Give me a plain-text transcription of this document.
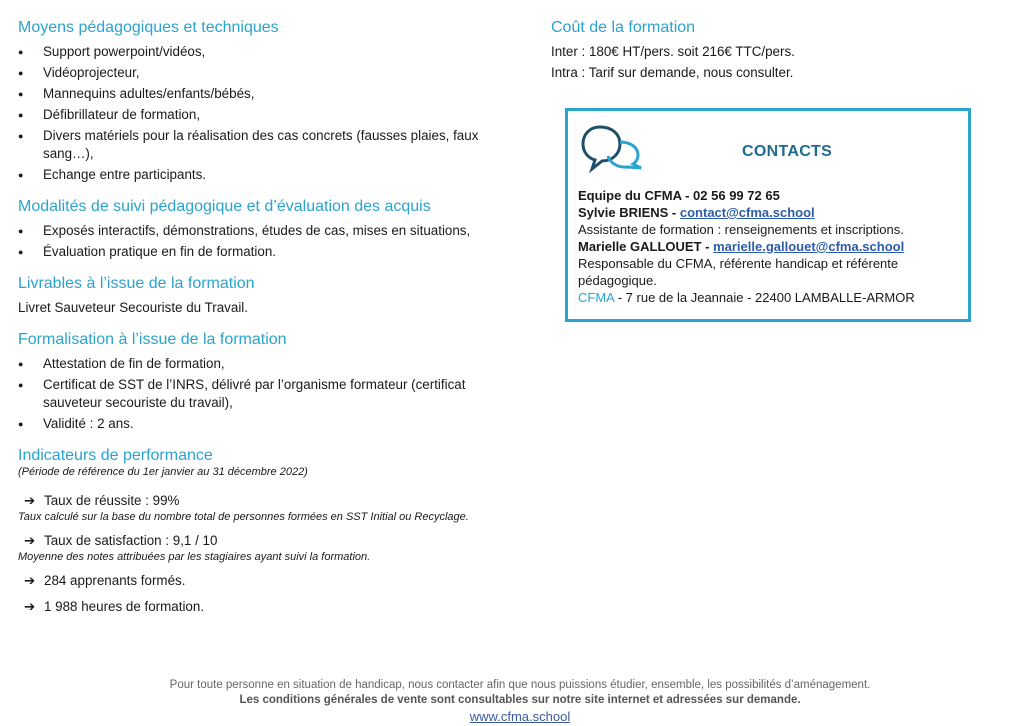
Moyens pédagogiques et techniques
● Support powerpoint/vidéos,
● Vidéoprojecteur,
● Mannequins adultes/enfants/bébés,
● Défibrillateur de formation,
● Divers matériels pour la réalisation des cas concrets (fausses plaies, faux sang…),
● Echange entre participants.
Modalités de suivi pédagogique et d’évaluation des acquis
● Exposés interactifs, démonstrations, études de cas, mises en situations,
● Évaluation pratique en fin de formation.
Livrables à l’issue de la formation

Livret Sauveteur Secouriste du Travail.

Formalisation à l’issue de la formation
● Attestation de fin de formation,
● Certificat de SST de l’INRS, délivré par l’organisme formateur (certificat sauveteur secouriste du travail),
● Validité : 2 ans.
Indicateurs de performance
(Période de référence du 1er janvier au 31 décembre 2022)
➔ Taux de réussite : 99%
Taux calculé sur la base du nombre total de personnes formées en SST Initial ou Recyclage.
➔ Taux de satisfaction : 9,1 / 10
Moyenne des notes attribuées par les stagiaires ayant suivi la formation.
➔ 284 apprenants formés.
➔ 1 988 heures de formation.
Coût de la formation

Inter : 180€ HT/pers. soit 216€ TTC/pers.

Intra : Tarif sur demande, nous consulter.

CONTACTS
Equipe du CFMA - 02 56 99 72 65
Sylvie BRIENS - contact@cfma.school
Assistante de formation : renseignements et inscriptions.
Marielle GALLOUET - marielle.gallouet@cfma.school
Responsable du CFMA, référente handicap et référente pédagogique.
CFMA - 7 rue de la Jeannaie - 22400 LAMBALLE-ARMOR
Pour toute personne en situation de handicap, nous contacter afin que nous puissions étudier, ensemble, les possibilités d’aménagement.
Les conditions générales de vente sont consultables sur notre site internet et adressées sur demande.
www.cfma.school
